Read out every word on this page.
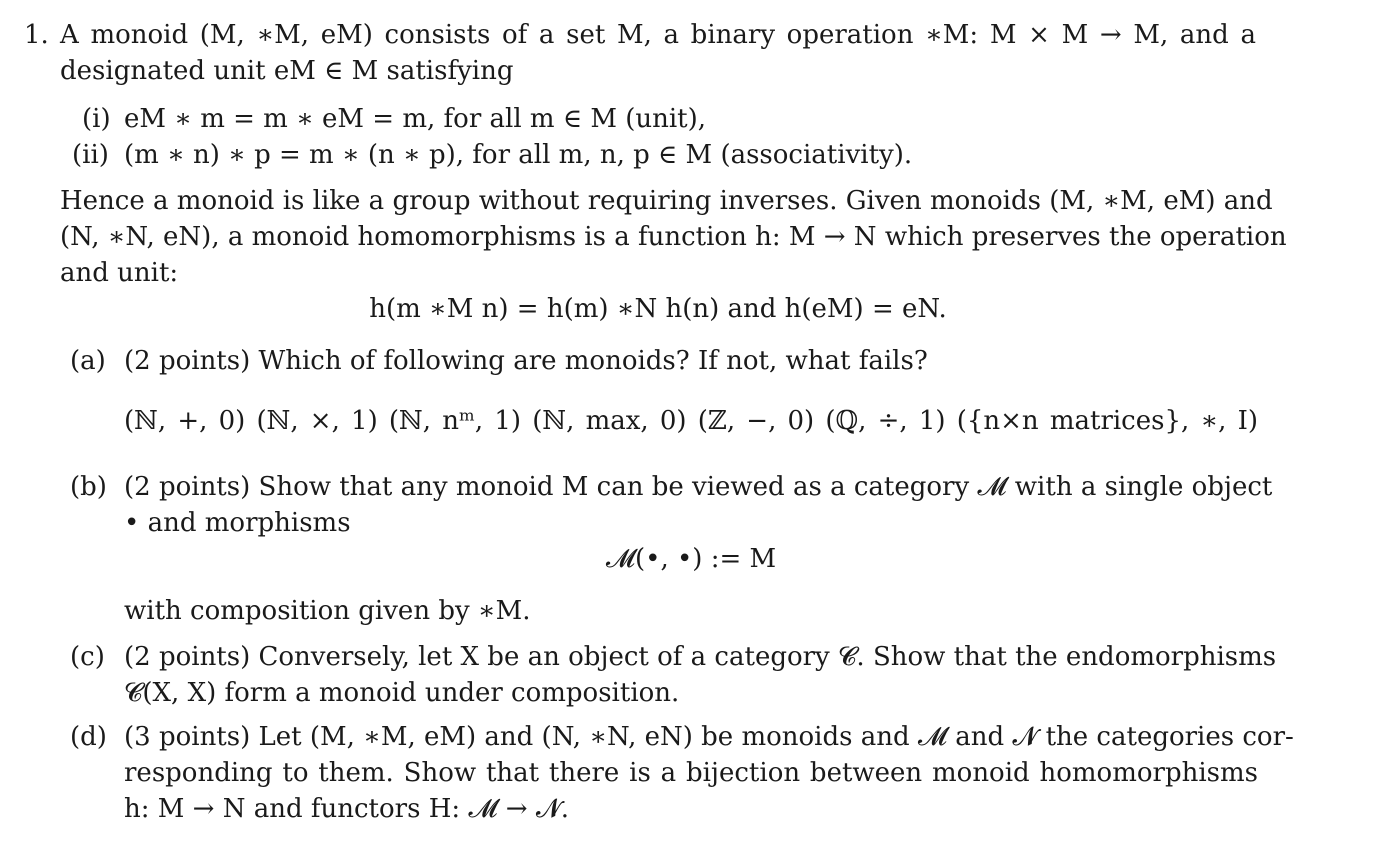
1. A monoid (M, ∗M, eM) consists of a set M, a binary operation ∗M: M × M → M, and a
designated unit eM ∈ M satisfying
(i) eM ∗ m = m ∗ eM = m, for all m ∈ M (unit),
(ii) (m ∗ n) ∗ p = m ∗ (n ∗ p), for all m, n, p ∈ M (associativity).
Hence a monoid is like a group without requiring inverses. Given monoids (M, ∗M, eM) and
(N, ∗N, eN), a monoid homomorphisms is a function h: M → N which preserves the operation
and unit:
h(m ∗M n) = h(m) ∗N h(n) and h(eM) = eN.
(a) (2 points) Which of following are monoids? If not, what fails?
(ℕ, +, 0) (ℕ, ×, 1) (ℕ, nᵐ, 1) (ℕ, max, 0) (ℤ, −, 0) (ℚ, ÷, 1) ({n×n matrices}, ∗, I)
(b) (2 points) Show that any monoid M can be viewed as a category 𝓜 with a single object
• and morphisms
𝓜(•, •) := M
with composition given by ∗M.
(c) (2 points) Conversely, let X be an object of a category 𝓒. Show that the endomorphisms
𝓒(X, X) form a monoid under composition.
(d) (3 points) Let (M, ∗M, eM) and (N, ∗N, eN) be monoids and 𝓜 and 𝓝 the categories cor-
responding to them. Show that there is a bijection between monoid homomorphisms
h: M → N and functors H: 𝓜 → 𝓝.
